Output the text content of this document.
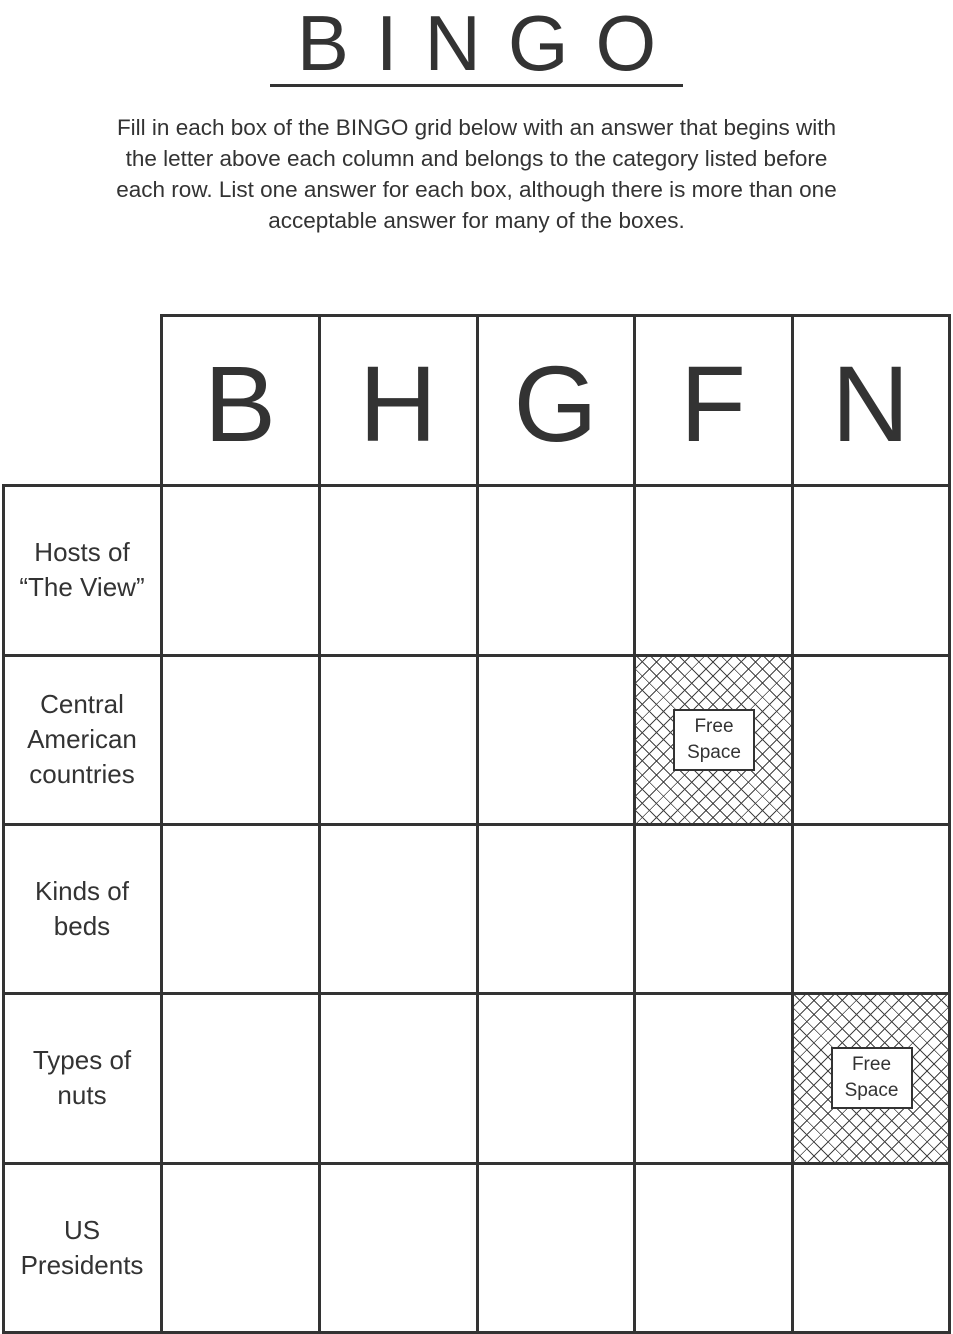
BINGO
Fill in each box of the BINGO grid below with an answer that begins with the letter above each column and belongs to the category listed before each row. List one answer for each box, although there is more than one acceptable answer for many of the boxes.
B H G F N
Hosts of
“The View”
Central
American
countries
Free
Space
Kinds of
beds
Types of
nuts
Free
Space
US
Presidents
